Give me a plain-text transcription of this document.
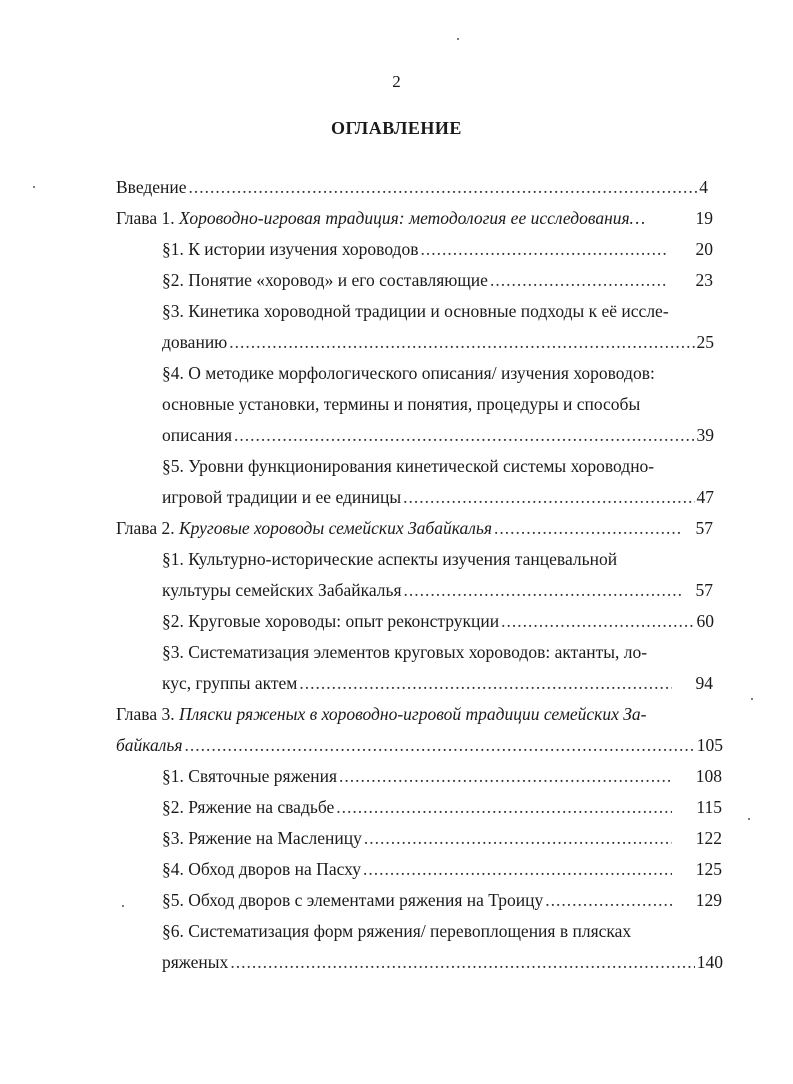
2
ОГЛАВЛЕНИЕ
Введение .....	4
Глава 1. Хороводно-игровая традиция: методология ее исследования…	19
§1. К истории изучения хороводов .....	20
§2. Понятие «хоровод» и его составляющие .....	23
§3. Кинетика хороводной традиции и основные подходы к её иссле-
дованию .....	25
§4. О методике морфологического описания/ изучения хороводов:
основные установки, термины и понятия, процедуры и способы
описания .....	39
§5. Уровни функционирования кинетической системы хороводно-
игровой традиции и ее единицы .....	47
Глава 2. Круговые хороводы семейских Забайкалья .....	57
§1. Культурно-исторические аспекты изучения танцевальной
культуры семейских Забайкалья .....	57
§2. Круговые хороводы: опыт реконструкции .....	60
§3. Систематизация элементов круговых хороводов: актанты, ло-
кус, группы актем .....	94
Глава 3. Пляски ряженых в хороводно-игровой традиции семейских За-
байкалья .....	105
§1. Святочные ряжения .....	108
§2. Ряжение на свадьбе .....	115
§3. Ряжение на Масленицу .....	122
§4. Обход дворов на Пасху .....	125
§5. Обход дворов с элементами ряжения на Троицу .....	129
§6. Систематизация форм ряжения/ перевоплощения в плясках
ряженых .....	140
